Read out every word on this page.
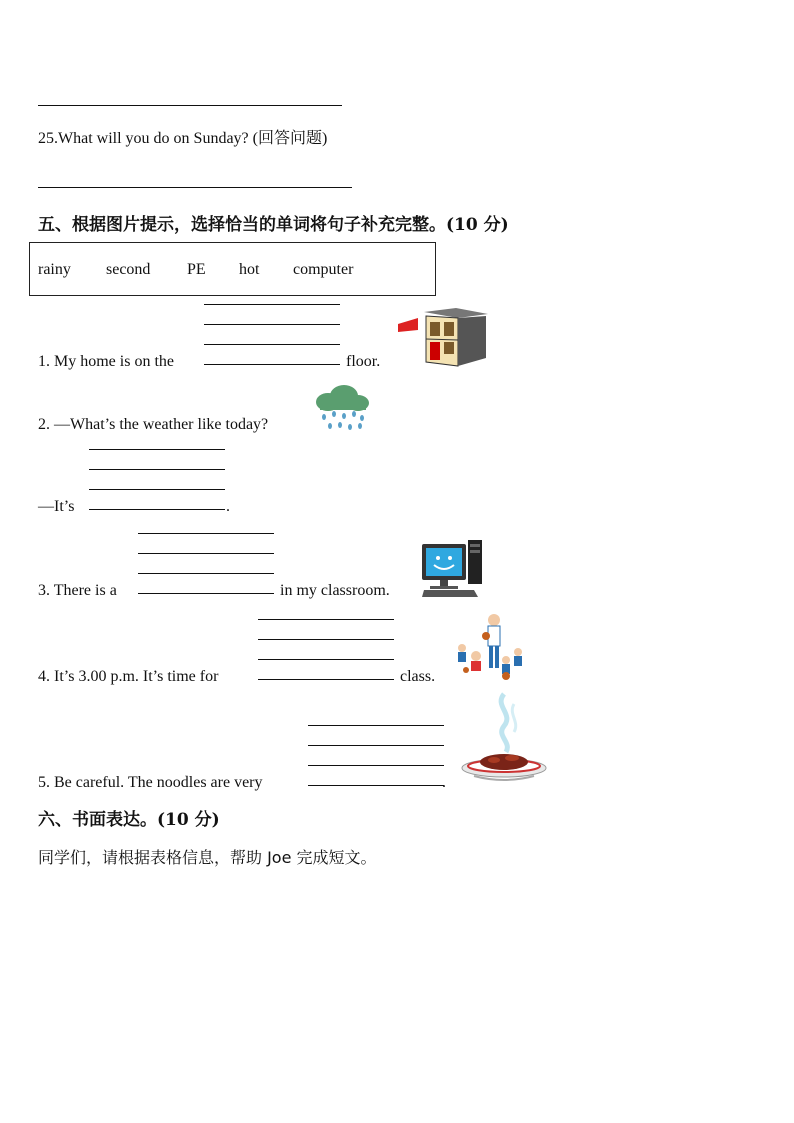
25.What will you do on Sunday? (回答问题)
五、根据图片提示，选择恰当的单词将句子补充完整。(10 分)
rainy second PE hot computer
1. My home is on the	floor.
2. —What’s the weather like today?
—It’s	.
3. There is a	in my classroom.
4. It’s 3.00 p.m. It’s time for	class.
5. Be careful. The noodles are very	.
六、书面表达。(10 分)
同学们，请根据表格信息，帮助 Joe 完成短文。
